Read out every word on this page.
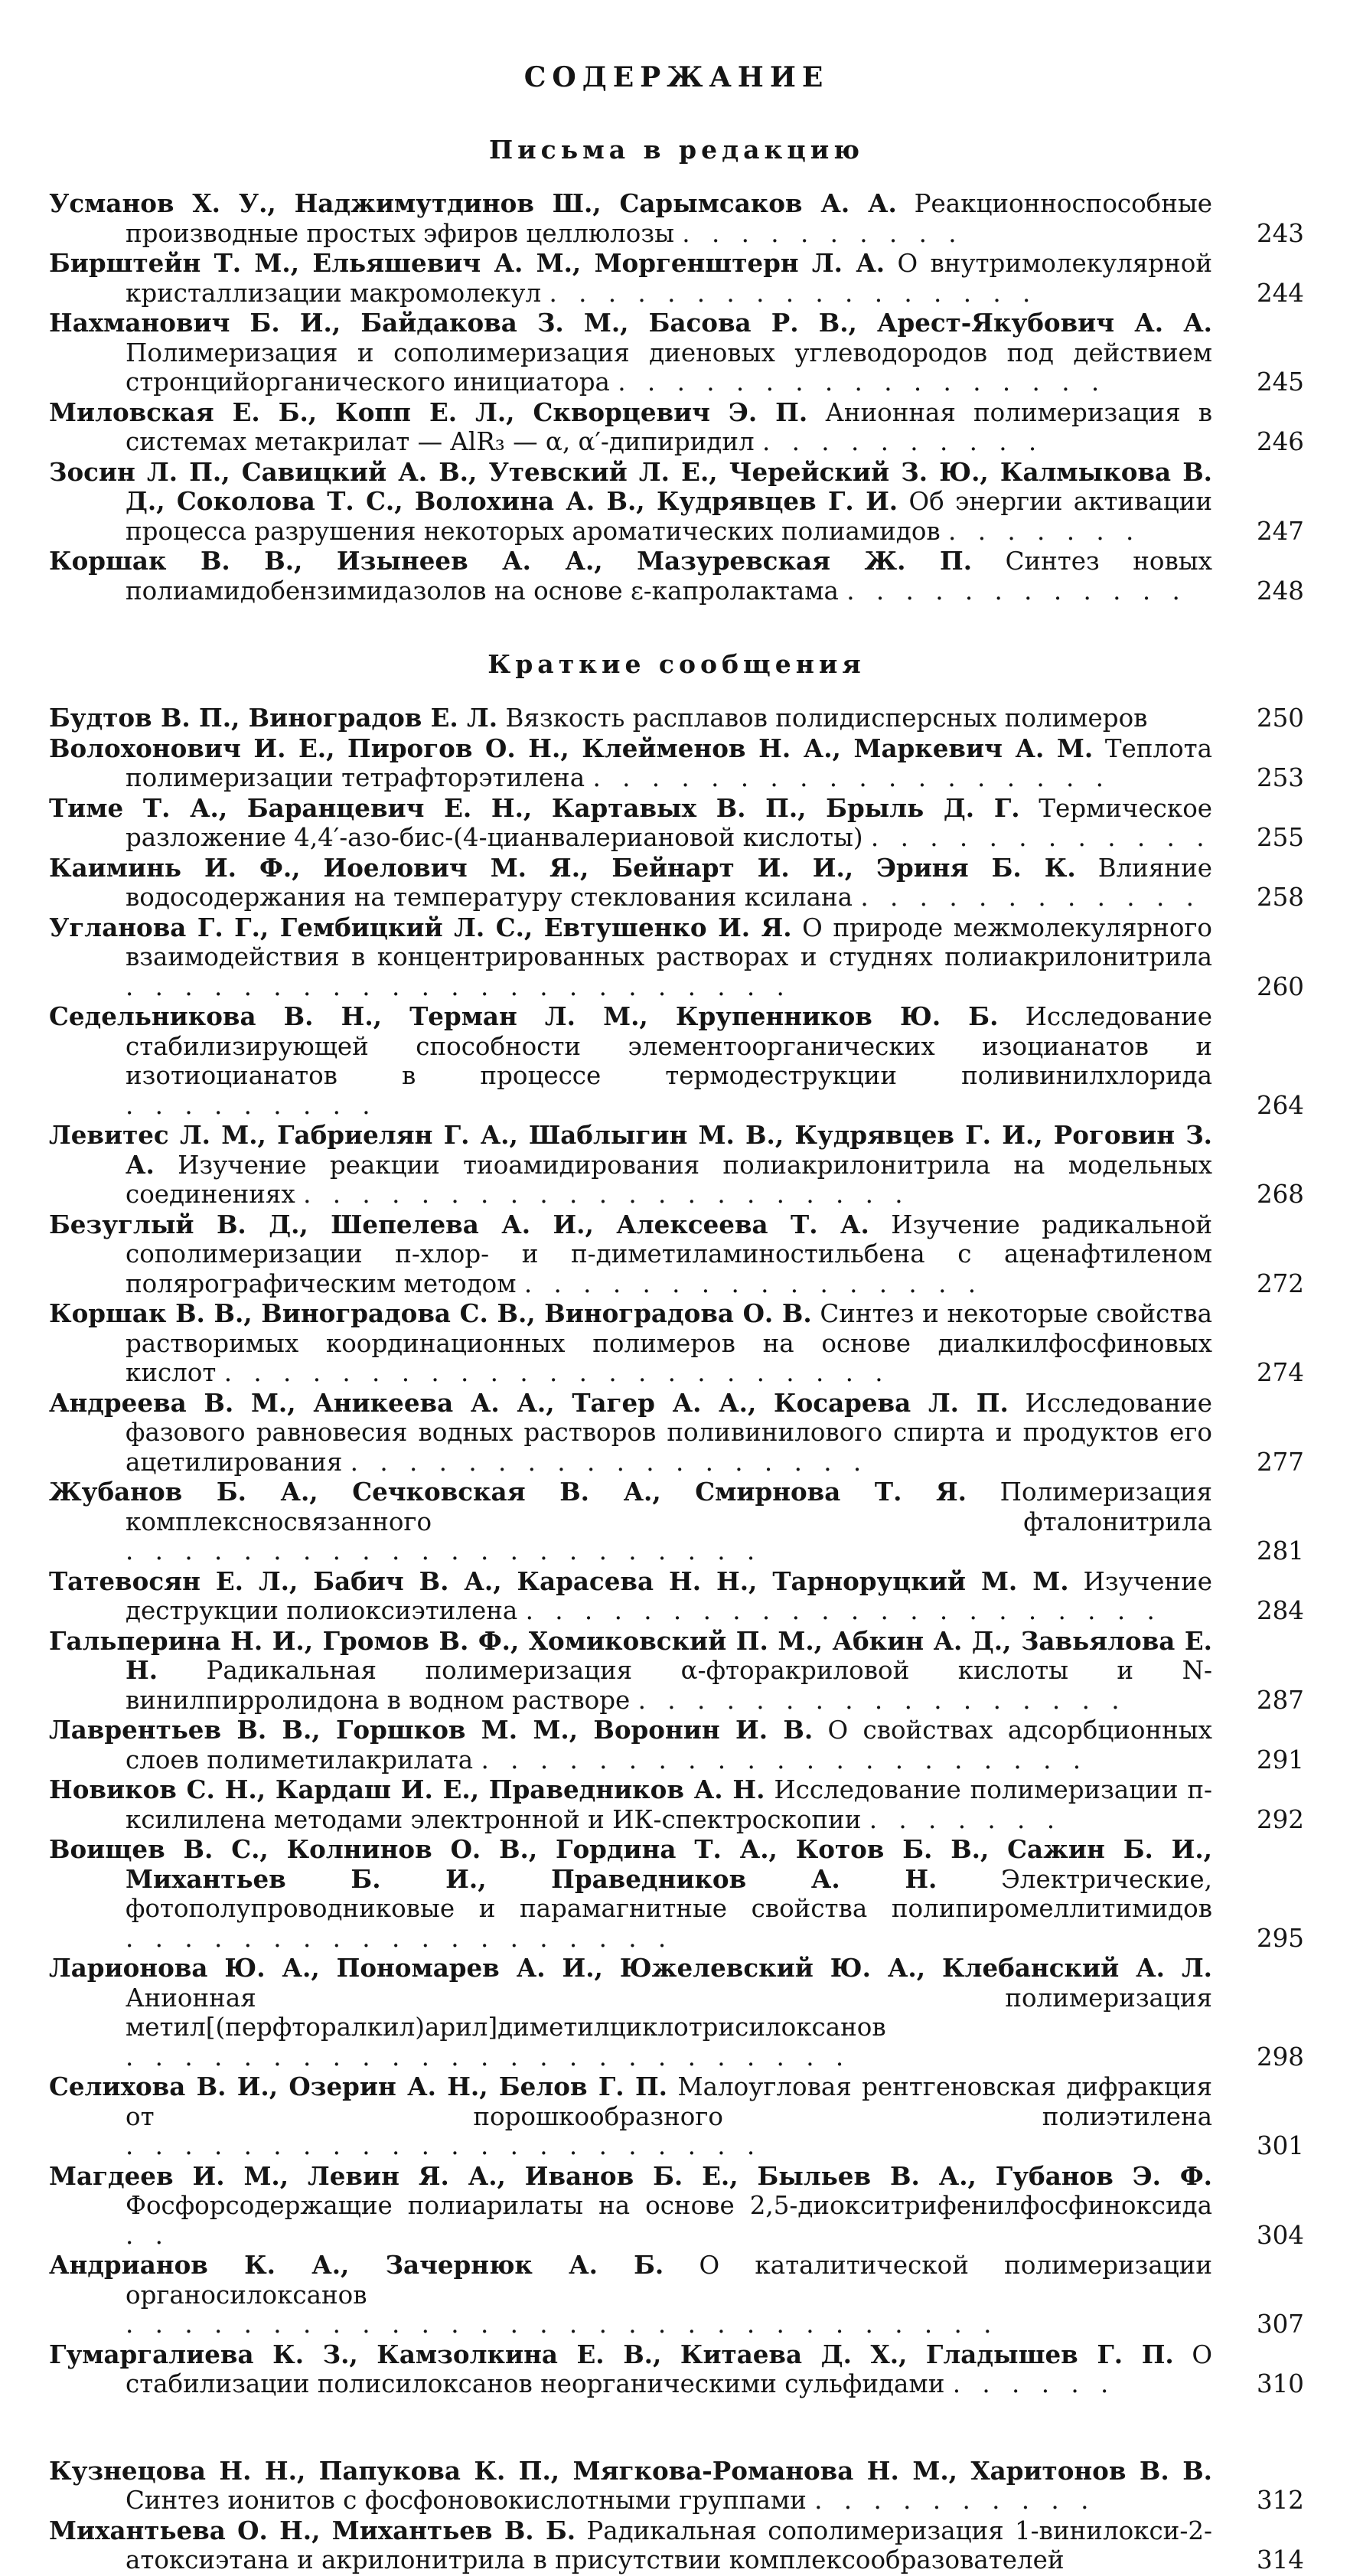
СОДЕРЖАНИЕ
Письма в редакцию
Усманов Х. У., Наджимутдинов Ш., Сарымсаков А. А. Реакционноспособные производные простых эфиров целлюлозы . . . . . . . . . .	243
Бирштейн Т. М., Ельяшевич А. М., Моргенштерн Л. А. О внутримолекулярной кристаллизации макромолекул . . . . . . . . . . . . . . . . .	244
Нахманович Б. И., Байдакова З. М., Басова Р. В., Арест-Якубович А. А. Полимеризация и сополимеризация диеновых углеводородов под действием стронцийорганического инициатора . . . . . . . . . . . . . . . . .	245
Миловская Е. Б., Копп Е. Л., Скворцевич Э. П. Анионная полимеризация в системах метакрилат — AlR₃ — α, α′-дипиридил . . . . . . . . . .	246
Зосин Л. П., Савицкий А. В., Утевский Л. Е., Черейский З. Ю., Калмыкова В. Д., Соколова Т. С., Волохина А. В., Кудрявцев Г. И. Об энергии активации процесса разрушения некоторых ароматических полиамидов . . . . . . .	247
Коршак В. В., Изынеев А. А., Мазуревская Ж. П. Синтез новых полиамидобензимидазолов на основе ε-капролактама . . . . . . . . . . . .	248
Краткие сообщения
Будтов В. П., Виноградов Е. Л. Вязкость расплавов полидисперсных полимеров	250
Волохонович И. Е., Пирогов О. Н., Клейменов Н. А., Маркевич А. М. Теплота полимеризации тетрафторэтилена . . . . . . . . . . . . . . . . . .	253
Тиме Т. А., Баранцевич Е. Н., Картавых В. П., Брыль Д. Г. Термическое разложение 4,4′-азо-бис-(4-цианвалериановой кислоты) . . . . . . . . . . . .	255
Каиминь И. Ф., Иоелович М. Я., Бейнарт И. И., Эриня Б. К. Влияние водосодержания на температуру стеклования ксилана . . . . . . . . . . . .	258
Угланова Г. Г., Гембицкий Л. С., Евтушенко И. Я. О природе межмолекулярного взаимодействия в концентрированных растворах и студнях полиакрилонитрила . . . . . . . . . . . . . . . . . . . . . . .	260
Седельникова В. Н., Терман Л. М., Крупенников Ю. Б. Исследование стабилизирующей способности элементоорганических изоцианатов и изотиоцианатов в процессе термодеструкции поливинилхлорида . . . . . . . . .	264
Левитес Л. М., Габриелян Г. А., Шаблыгин М. В., Кудрявцев Г. И., Роговин З. А. Изучение реакции тиоамидирования полиакрилонитрила на модельных соединениях . . . . . . . . . . . . . . . . . . . . .	268
Безуглый В. Д., Шепелева А. И., Алексеева Т. А. Изучение радикальной сополимеризации п-хлор- и п-диметиламиностильбена с аценафтиленом полярографическим методом . . . . . . . . . . . . . . . .	272
Коршак В. В., Виноградова С. В., Виноградова О. В. Синтез и некоторые свойства растворимых координационных полимеров на основе диалкилфосфиновых кислот . . . . . . . . . . . . . . . . . . . . . . .	274
Андреева В. М., Аникеева А. А., Тагер А. А., Косарева Л. П. Исследование фазового равновесия водных растворов поливинилового спирта и продуктов его ацетилирования . . . . . . . . . . . . . . . . . .	277
Жубанов Б. А., Сечковская В. А., Смирнова Т. Я. Полимеризация комплексносвязанного фталонитрила . . . . . . . . . . . . . . . . . . . . . .	281
Татевосян Е. Л., Бабич В. А., Карасева Н. Н., Тарноруцкий М. М. Изучение деструкции полиоксиэтилена . . . . . . . . . . . . . . . . . . . . . .	284
Гальперина Н. И., Громов В. Ф., Хомиковский П. М., Абкин А. Д., Завьялова Е. Н. Радикальная полимеризация α-фторакриловой кислоты и N-винилпирролидона в водном растворе . . . . . . . . . . . . . . . . .	287
Лаврентьев В. В., Горшков М. М., Воронин И. В. О свойствах адсорбционных слоев полиметилакрилата . . . . . . . . . . . . . . . . . . . . .	291
Новиков С. Н., Кардаш И. Е., Праведников А. Н. Исследование полимеризации п-ксилилена методами электронной и ИК-спектроскопии . . . . . . .	292
Воищев В. С., Колнинов О. В., Гордина Т. А., Котов Б. В., Сажин Б. И., Михантьев Б. И., Праведников А. Н.	Электрические, фотополупроводниковые и парамагнитные свойства полипиромеллитимидов . . . . . . . . . . . . . . . . . . .	295
Ларионова Ю. А., Пономарев А. И., Южелевский Ю. А., Клебанский А. Л. Анионная полимеризация метил[(перфторалкил)арил]диметилциклотрисилоксанов . . . . . . . . . . . . . . . . . . . . . . . . .	298
Селихова В. И., Озерин А. Н., Белов Г. П. Малоугловая рентгеновская дифракция от порошкообразного полиэтилена . . . . . . . . . . . . . . . . . . . . . .	301
Магдеев И. М., Левин Я. А., Иванов Б. Е., Быльев В. А., Губанов Э. Ф. Фосфорсодержащие полиарилаты на основе 2,5-диокситрифенилфосфиноксида . .	304
Андрианов К. А., Зачернюк А. Б. О каталитической полимеризации органосилоксанов . . . . . . . . . . . . . . . . . . . . . . . . . . . . . .	307
Гумаргалиева К. З., Камзолкина Е. В., Китаева Д. Х., Гладышев Г. П. О стабилизации полисилоксанов неорганическими сульфидами . . . . . .	310
Кузнецова Н. Н., Папукова К. П., Мягкова-Романова Н. М., Харитонов В. В. Синтез ионитов с фосфоновокислотными группами . . . . . . . . . .	312
Михантьева О. Н., Михантьев В. Б. Радикальная сополимеризация 1-винилокси-2-атоксиэтана и акрилонитрила в присутствии комплексообразователей	314
